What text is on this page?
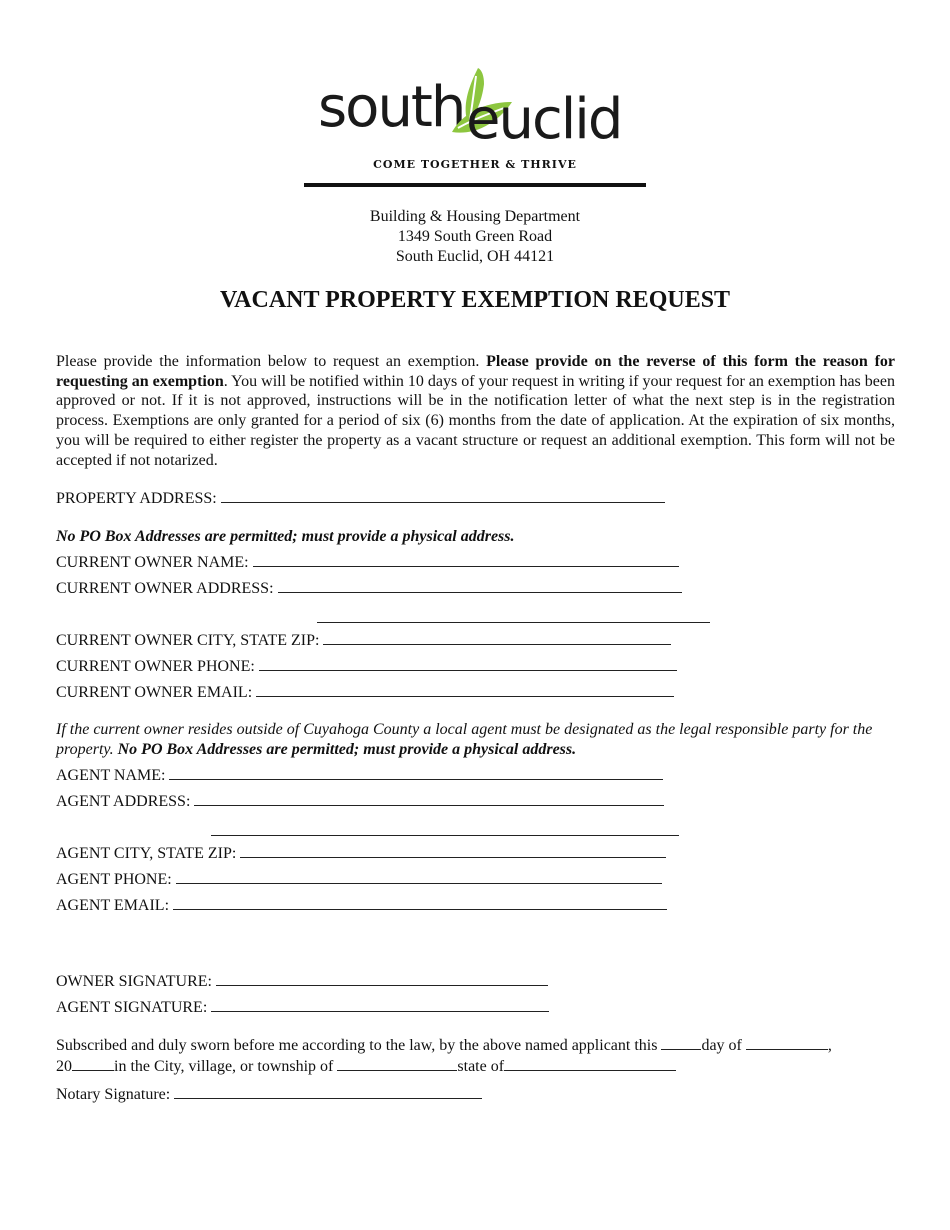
south euclid
COME TOGETHER & THRIVE
Building & Housing Department
1349 South Green Road
South Euclid, OH 44121
VACANT PROPERTY EXEMPTION REQUEST

Please provide the information below to request an exemption. Please provide on the reverse of this form the reason for requesting an exemption. You will be notified within 10 days of your request in writing if your request for an exemption has been approved or not. If it is not approved, instructions will be in the notification letter of what the next step is in the registration process. Exemptions are only granted for a period of six (6) months from the date of application. At the expiration of six months, you will be required to either register the property as a vacant structure or request an additional exemption. This form will not be accepted if not notarized.

PROPERTY ADDRESS:
No PO Box Addresses are permitted; must provide a physical address.
CURRENT OWNER NAME:
CURRENT OWNER ADDRESS:
CURRENT OWNER CITY, STATE ZIP:
CURRENT OWNER PHONE:
CURRENT OWNER EMAIL:
If the current owner resides outside of Cuyahoga County a local agent must be designated as the legal responsible party for the property. No PO Box Addresses are permitted; must provide a physical address.
AGENT NAME:
AGENT ADDRESS:
AGENT CITY, STATE ZIP:
AGENT PHONE:
AGENT EMAIL:
OWNER SIGNATURE:
AGENT SIGNATURE:
Subscribed and duly sworn before me according to the law, by the above named applicant this	day of	,
20	in the City, village, or township of	state of
Notary Signature:
